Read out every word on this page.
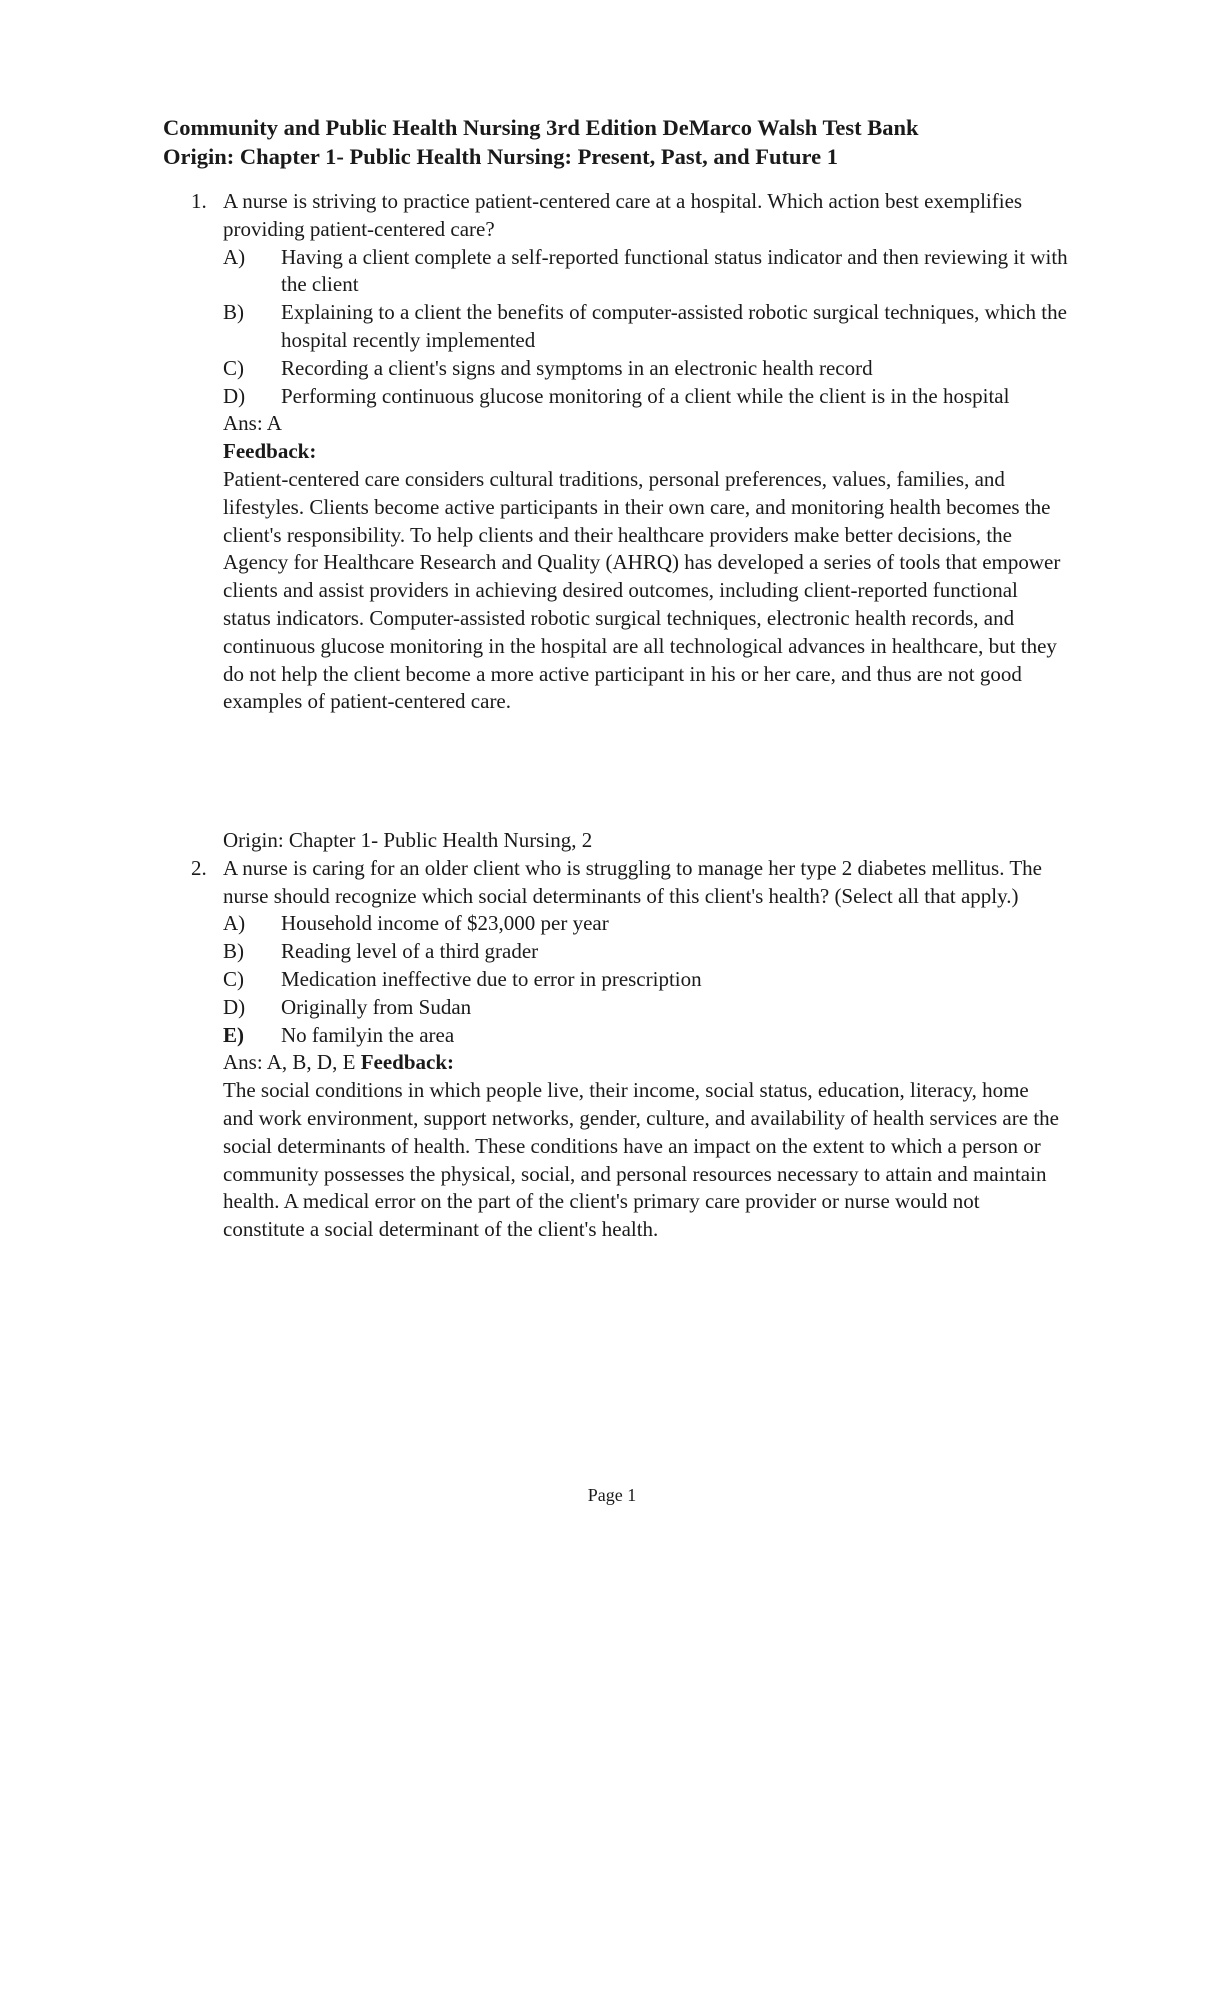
Community and Public Health Nursing 3rd Edition DeMarco Walsh Test Bank
Origin: Chapter 1- Public Health Nursing: Present, Past, and Future 1
1. A nurse is striving to practice patient-centered care at a hospital. Which action best exemplifies providing patient-centered care?
A) Having a client complete a self-reported functional status indicator and then reviewing it with the client
B) Explaining to a client the benefits of computer-assisted robotic surgical techniques, which the hospital recently implemented
C) Recording a client's signs and symptoms in an electronic health record
D) Performing continuous glucose monitoring of a client while the client is in the hospital
Ans: A
Feedback:
Patient-centered care considers cultural traditions, personal preferences, values, families, and lifestyles. Clients become active participants in their own care, and monitoring health becomes the client's responsibility. To help clients and their healthcare providers make better decisions, the Agency for Healthcare Research and Quality (AHRQ) has developed a series of tools that empower clients and assist providers in achieving desired outcomes, including client-reported functional status indicators. Computer-assisted robotic surgical techniques, electronic health records, and continuous glucose monitoring in the hospital are all technological advances in healthcare, but they do not help the client become a more active participant in his or her care, and thus are not good examples of patient-centered care.
Origin: Chapter 1- Public Health Nursing, 2
2. A nurse is caring for an older client who is struggling to manage her type 2 diabetes mellitus. The nurse should recognize which social determinants of this client's health? (Select all that apply.)
A) Household income of $23,000 per year
B) Reading level of a third grader
C) Medication ineffective due to error in prescription
D) Originally from Sudan
E) No familyin the area
Ans: A, B, D, E Feedback:
The social conditions in which people live, their income, social status, education, literacy, home and work environment, support networks, gender, culture, and availability of health services are the social determinants of health. These conditions have an impact on the extent to which a person or community possesses the physical, social, and personal resources necessary to attain and maintain health. A medical error on the part of the client's primary care provider or nurse would not constitute a social determinant of the client's health.
Page 1
